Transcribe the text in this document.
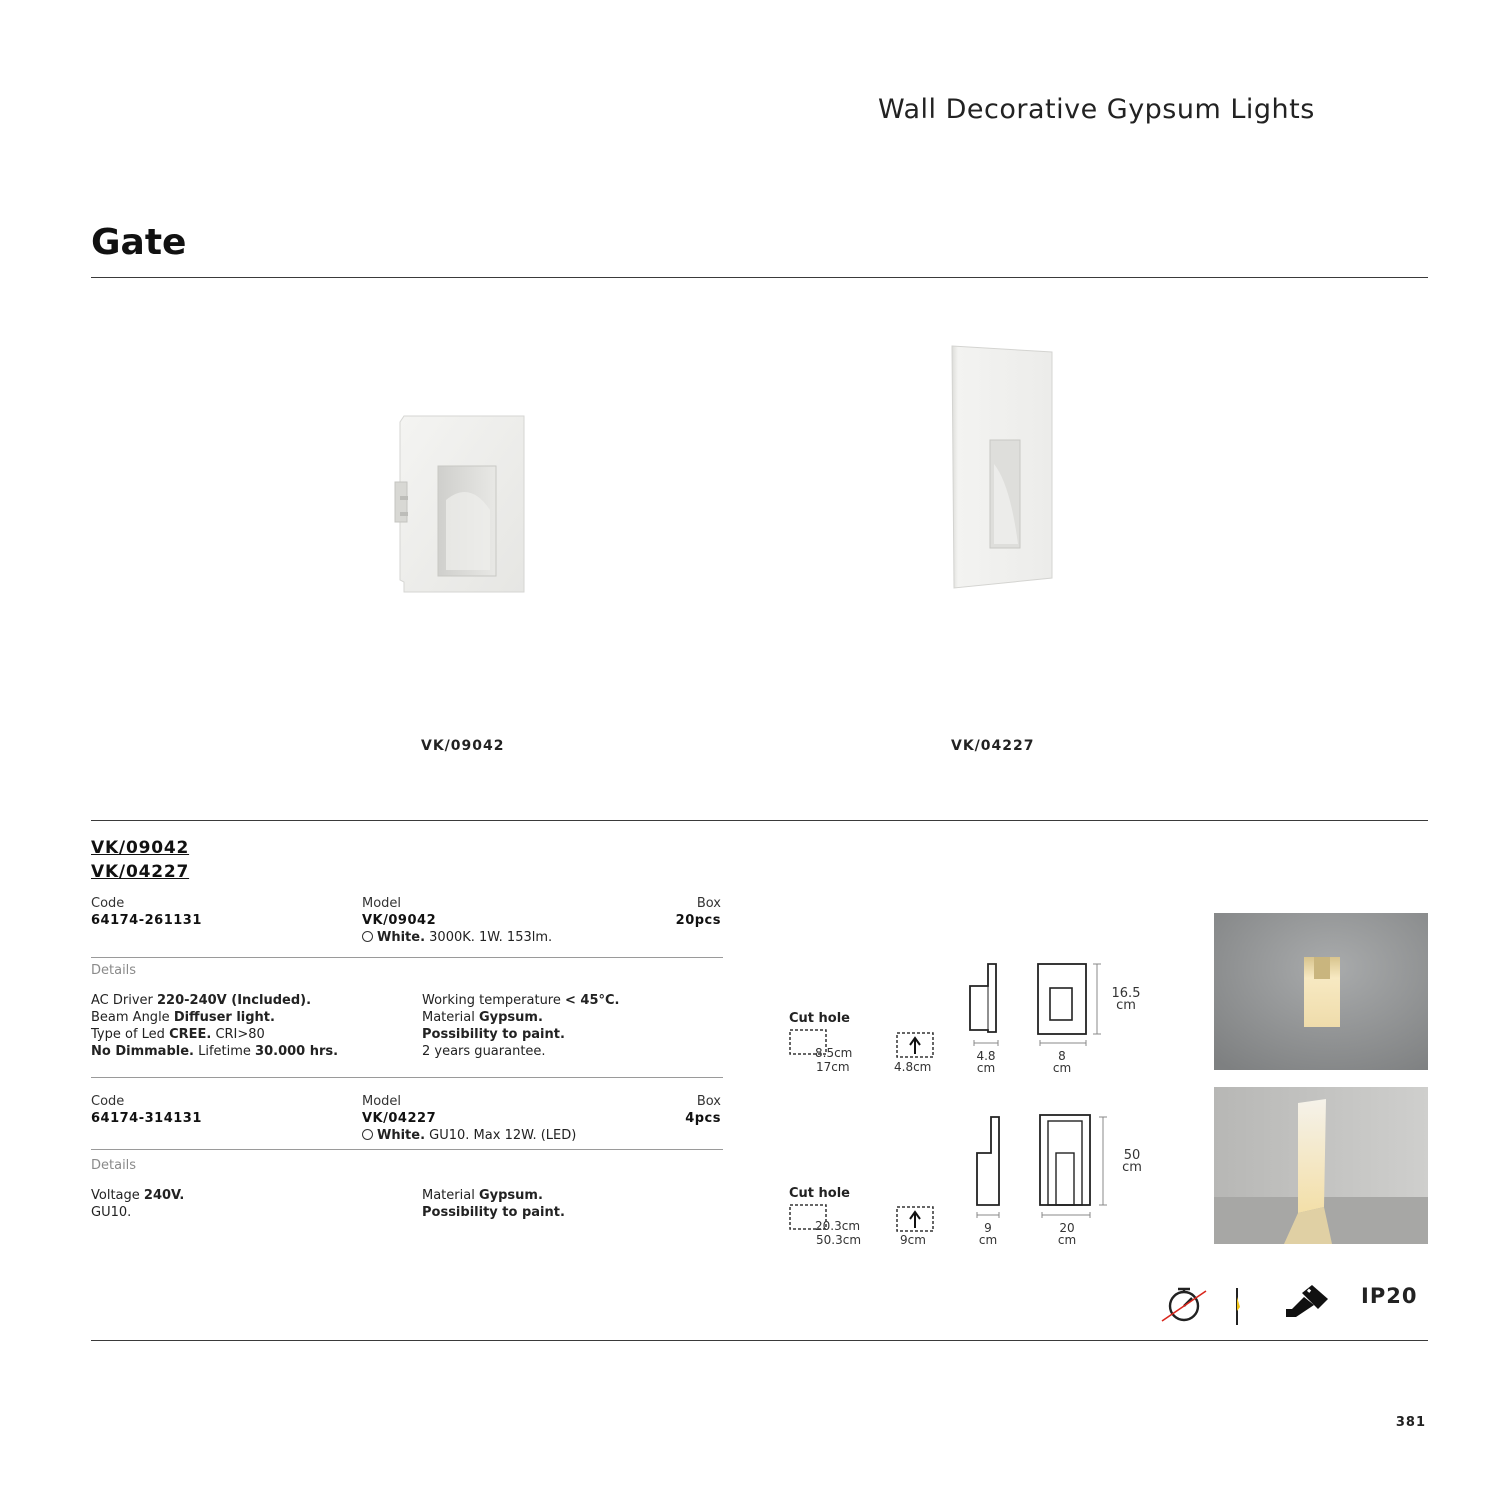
Wall Decorative Gypsum Lights
Gate
VK/09042	VK/04227
VK/09042
VK/04227
Code	Model	Box
64174-261131	VK/09042	20pcs
White. 3000K. 1W. 153lm.
Details
AC Driver 220-240V (Included).
Beam Angle Diffuser light.
Type of Led CREE. CRI>80
No Dimmable. Lifetime 30.000 hrs.
Working temperature < 45°C.
Material Gypsum.
Possibility to paint.
2 years guarantee.
Code	Model	Box
64174-314131	VK/04227	4pcs
White. GU10. Max 12W. (LED)
Details
Voltage 240V.
GU10.
Material Gypsum.
Possibility to paint.
Cut hole
8.5cm
17cm	4.8cm
4.8
cm
16.5
cm
8
cm
Cut hole
20.3cm
50.3cm	9cm
9
cm
50
cm
20
cm
IP20
381
